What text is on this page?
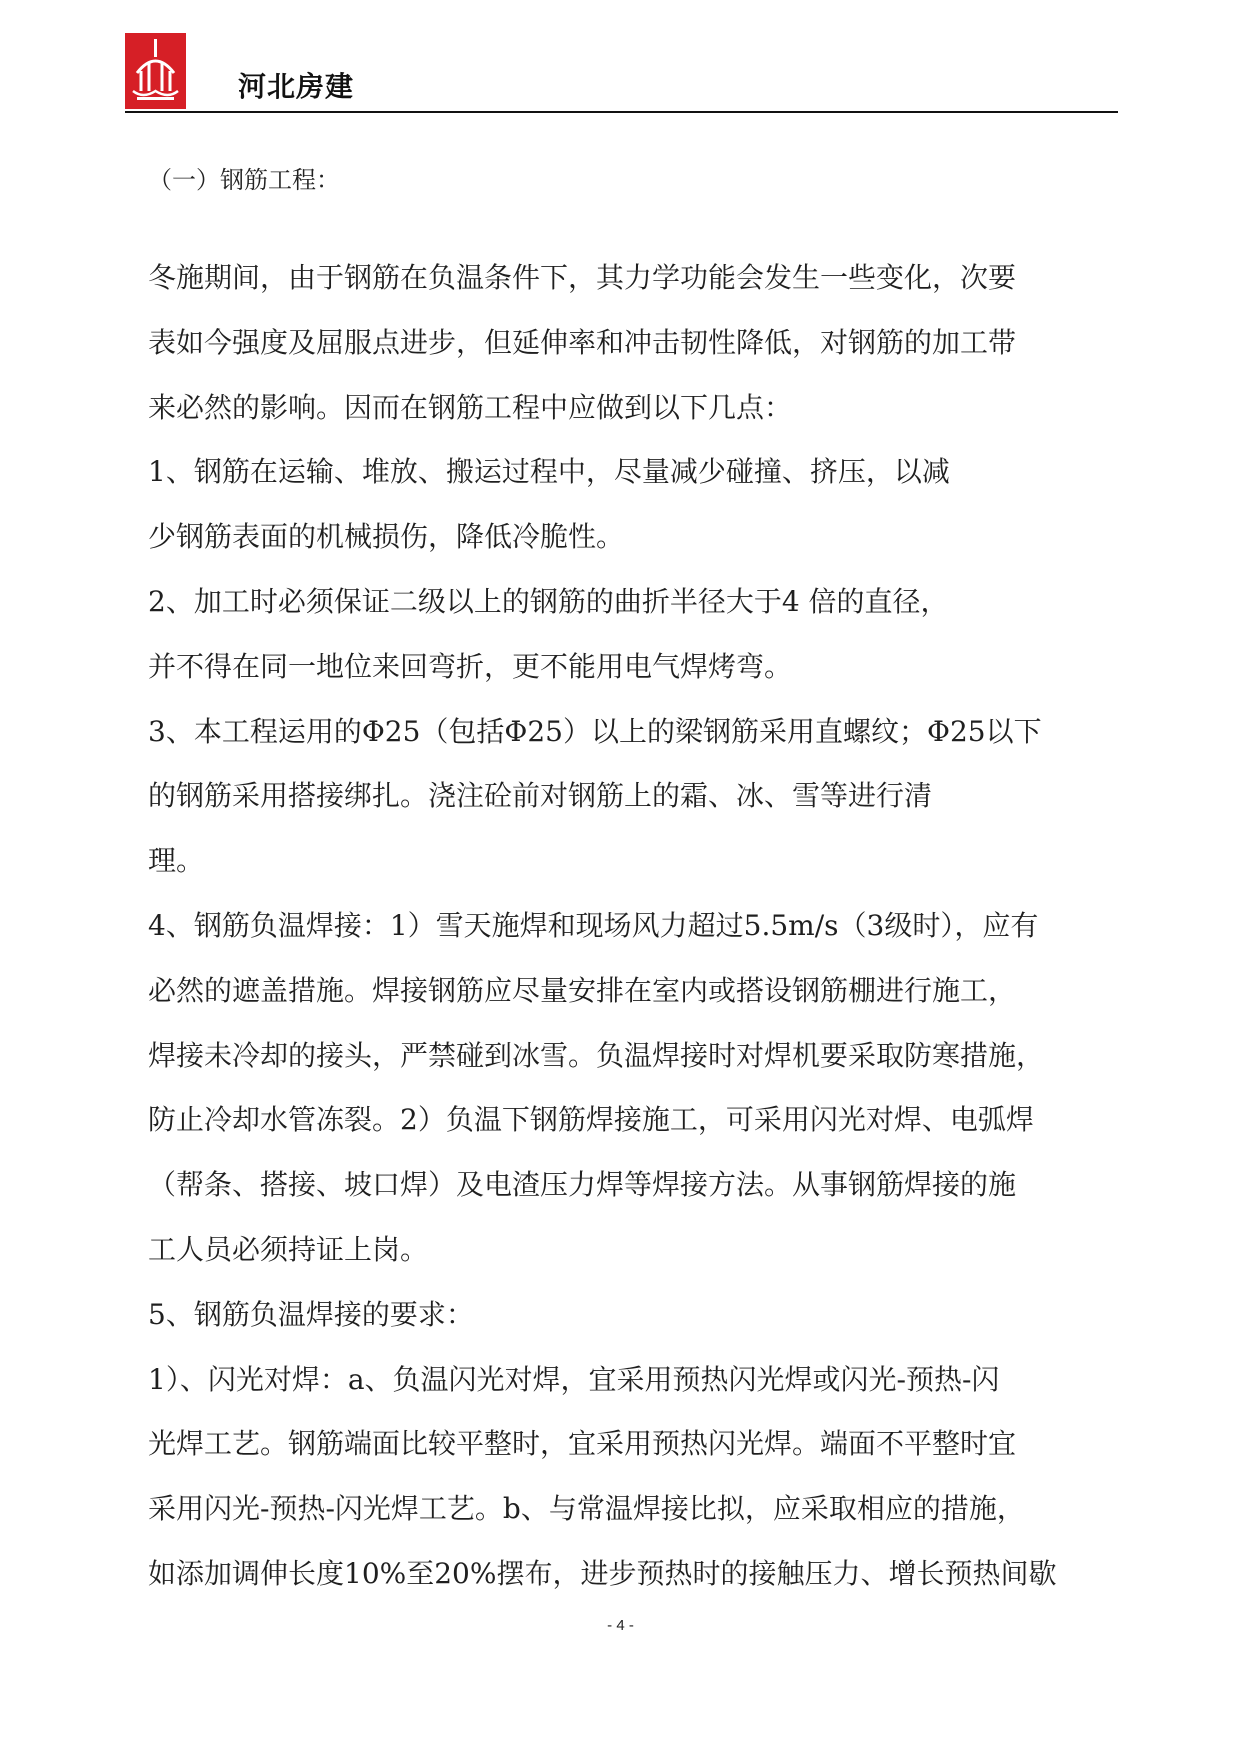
河北房建
（一）钢筋工程：
冬施期间，由于钢筋在负温条件下，其力学功能会发生一些变化，次要
表如今强度及屈服点进步，但延伸率和冲击韧性降低，对钢筋的加工带
来必然的影响。因而在钢筋工程中应做到以下几点：
1、钢筋在运输、堆放、搬运过程中，尽量减少碰撞、挤压，以减
少钢筋表面的机械损伤，降低冷脆性。
2、加工时必须保证二级以上的钢筋的曲折半径大于4 倍的直径，
并不得在同一地位来回弯折，更不能用电气焊烤弯。
3、本工程运用的Φ25（包括Φ25）以上的梁钢筋采用直螺纹；Φ25以下
的钢筋采用搭接绑扎。浇注砼前对钢筋上的霜、冰、雪等进行清
理。
4、钢筋负温焊接：1）雪天施焊和现场风力超过5.5m/s（3级时），应有
必然的遮盖措施。焊接钢筋应尽量安排在室内或搭设钢筋棚进行施工，
焊接未冷却的接头，严禁碰到冰雪。负温焊接时对焊机要采取防寒措施，
防止冷却水管冻裂。2）负温下钢筋焊接施工，可采用闪光对焊、电弧焊
（帮条、搭接、坡口焊）及电渣压力焊等焊接方法。从事钢筋焊接的施
工人员必须持证上岗。
5、钢筋负温焊接的要求：
1）、闪光对焊：a、负温闪光对焊，宜采用预热闪光焊或闪光-预热-闪
光焊工艺。钢筋端面比较平整时，宜采用预热闪光焊。端面不平整时宜
采用闪光-预热-闪光焊工艺。b、与常温焊接比拟，应采取相应的措施，
如添加调伸长度10%至20%摆布，进步预热时的接触压力、增长预热间歇
- 4 -
